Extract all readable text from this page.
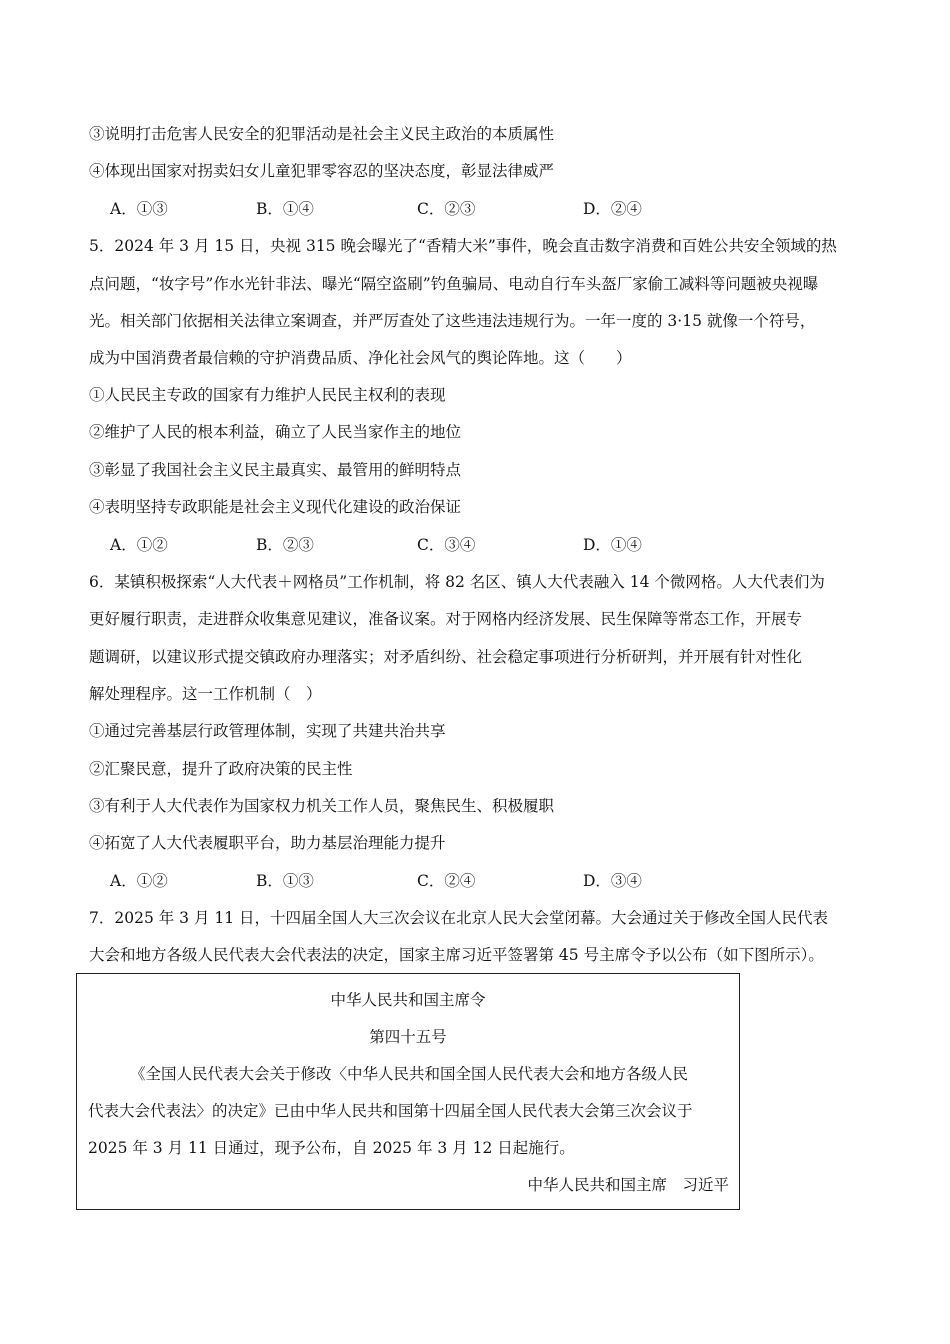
③说明打击危害人民安全的犯罪活动是社会主义民主政治的本质属性
④体现出国家对拐卖妇女儿童犯罪零容忍的坚决态度，彰显法律威严
A．①③	B．①④	C．②③	D．②④
5．2024 年 3 月 15 日，央视 315 晚会曝光了“香精大米”事件，晚会直击数字消费和百姓公共安全领域的热
点问题，“妆字号”作水光针非法、曝光“隔空盗刷”钓鱼骗局、电动自行车头盔厂家偷工减料等问题被央视曝
光。相关部门依据相关法律立案调查，并严厉查处了这些违法违规行为。一年一度的 3·15 就像一个符号，
成为中国消费者最信赖的守护消费品质、净化社会风气的舆论阵地。这（　　）
①人民民主专政的国家有力维护人民民主权利的表现
②维护了人民的根本利益，确立了人民当家作主的地位
③彰显了我国社会主义民主最真实、最管用的鲜明特点
④表明坚持专政职能是社会主义现代化建设的政治保证
A．①②	B．②③	C．③④	D．①④
6．某镇积极探索“人大代表＋网格员”工作机制，将 82 名区、镇人大代表融入 14 个微网格。人大代表们为
更好履行职责，走进群众收集意见建议，准备议案。对于网格内经济发展、民生保障等常态工作，开展专
题调研，以建议形式提交镇政府办理落实；对矛盾纠纷、社会稳定事项进行分析研判，并开展有针对性化
解处理程序。这一工作机制（　）
①通过完善基层行政管理体制，实现了共建共治共享
②汇聚民意，提升了政府决策的民主性
③有利于人大代表作为国家权力机关工作人员，聚焦民生、积极履职
④拓宽了人大代表履职平台，助力基层治理能力提升
A．①②	B．①③	C．②④	D．③④
7．2025 年 3 月 11 日，十四届全国人大三次会议在北京人民大会堂闭幕。大会通过关于修改全国人民代表
大会和地方各级人民代表大会代表法的决定，国家主席习近平签署第 45 号主席令予以公布（如下图所示）。
中华人民共和国主席令
第四十五号
《全国人民代表大会关于修改〈中华人民共和国全国人民代表大会和地方各级人民
代表大会代表法〉的决定》已由中华人民共和国第十四届全国人民代表大会第三次会议于
2025 年 3 月 11 日通过，现予公布，自 2025 年 3 月 12 日起施行。
中华人民共和国主席　习近平
